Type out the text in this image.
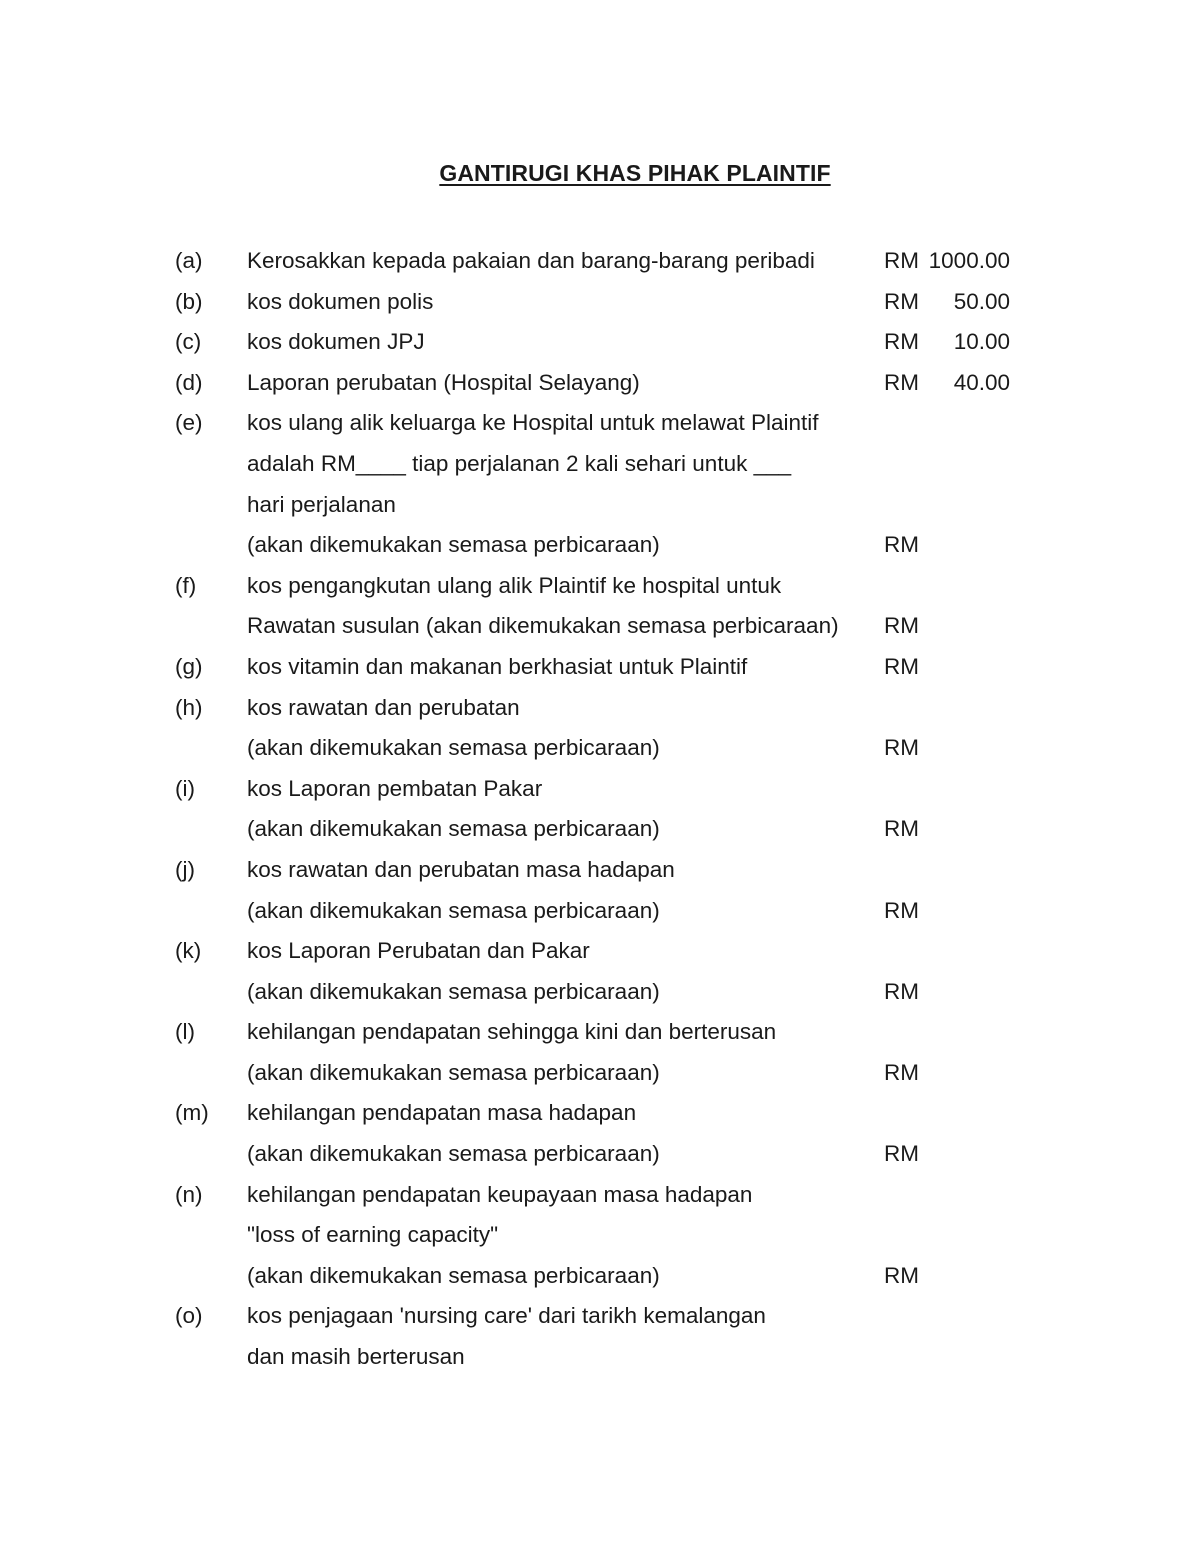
GANTIRUGI KHAS PIHAK PLAINTIF
(a) Kerosakkan kepada pakaian dan barang-barang peribadi	RM 1000.00
(b) kos dokumen polis	RM 50.00
(c) kos dokumen JPJ	RM 10.00
(d) Laporan perubatan (Hospital Selayang)	RM 40.00
(e) kos ulang alik keluarga ke Hospital untuk melawat Plaintif
adalah RM____ tiap perjalanan 2 kali sehari untuk ___
hari perjalanan
(akan dikemukakan semasa perbicaraan)	RM
(f) kos pengangkutan ulang alik Plaintif ke hospital untuk
Rawatan susulan (akan dikemukakan semasa perbicaraan) RM
(g) kos vitamin dan makanan berkhasiat untuk Plaintif	RM
(h) kos rawatan dan perubatan
(akan dikemukakan semasa perbicaraan)	RM
(i) kos Laporan pembatan Pakar
(akan dikemukakan semasa perbicaraan)	RM
(j) kos rawatan dan perubatan masa hadapan
(akan dikemukakan semasa perbicaraan)	RM
(k) kos Laporan Perubatan dan Pakar
(akan dikemukakan semasa perbicaraan)	RM
(l) kehilangan pendapatan sehingga kini dan berterusan
(akan dikemukakan semasa perbicaraan)	RM
(m) kehilangan pendapatan masa hadapan
(akan dikemukakan semasa perbicaraan)	RM
(n) kehilangan pendapatan keupayaan masa hadapan
"loss of earning capacity"
(akan dikemukakan semasa perbicaraan)	RM
(o) kos penjagaan 'nursing care' dari tarikh kemalangan
dan masih berterusan
